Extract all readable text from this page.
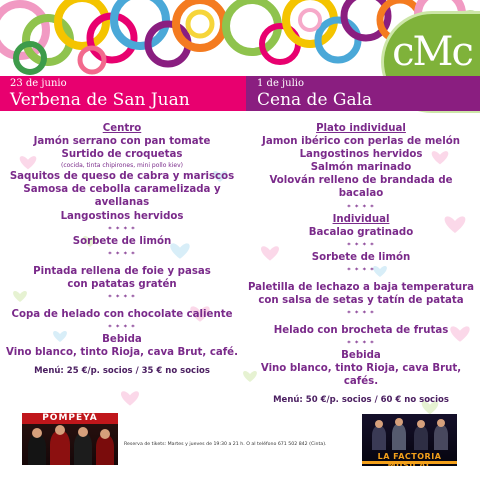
cMc
23 de junio
Verbena de San Juan
1 de julio
Cena de Gala
Centro
Jamón serrano con pan tomate
Surtido de croquetas
(cocida, tinta chipirones, mini pollo kiev)
Saquitos de queso de cabra y mariscos
Samosa de cebolla caramelizada y avellanas
Langostinos hervidos
* * * *
Sorbete de limón
* * * *
Pintada rellena de foie y pasas
con patatas gratén
* * * *
Copa de helado con chocolate caliente
* * * *
Bebida
Vino blanco, tinto Rioja, cava Brut, café.
Menú: 25 €/p. socios / 35 € no socios
Plato individual
Jamon ibérico con perlas de melón
Langostinos hervidos
Salmón marinado
Volován relleno de brandada de bacalao
* * * *
Individual
Bacalao gratinado
* * * *
Sorbete de limón
* * * *
Paletilla de lechazo a baja temperatura
con salsa de setas y tatín de patata
* * * *
Helado con brocheta de frutas
* * * *
Bebida
Vino blanco, tinto Rioja, cava Brut, cafés.
Menú: 50 €/p. socios / 60 € no socios
POMPEYA
Reserva de tikets: Martes y jueves de 19:30 a 21 h. O al teléfono 671 502 842 (Cinta).
LA FACTORIA
